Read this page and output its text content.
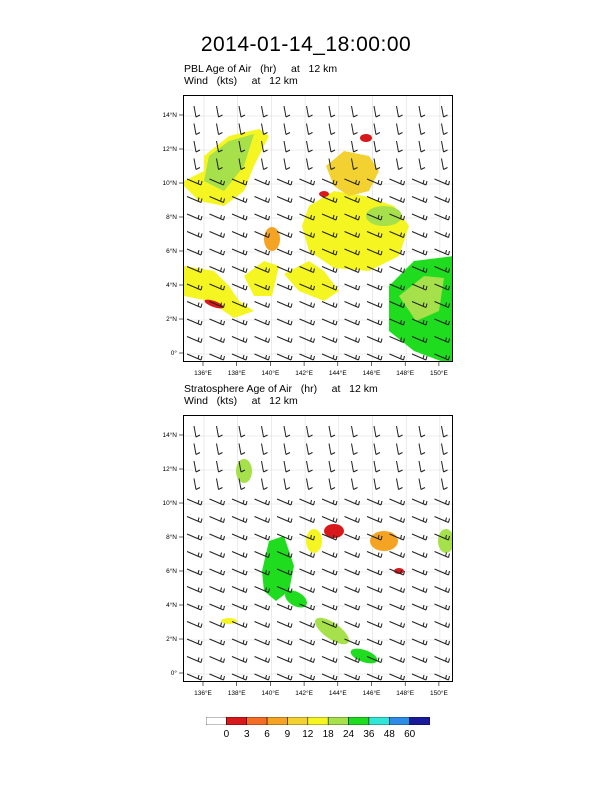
2014-01-14_18:00:00
PBL Age of Air   (hr)     at   12 km
Wind   (kts)     at   12 km
Stratosphere Age of Air   (hr)     at   12 km
Wind   (kts)     at   12 km
0°
2°N
4°N
6°N
8°N
10°N
12°N
14°N
136°E 138°E 140°E 142°E 144°E 146°E 148°E 150°E
0°
2°N
4°N
6°N
8°N
10°N
12°N
14°N
136°E 138°E 140°E 142°E 144°E 146°E 148°E 150°E
0	3	6	9	12 18 24 36 48 60
